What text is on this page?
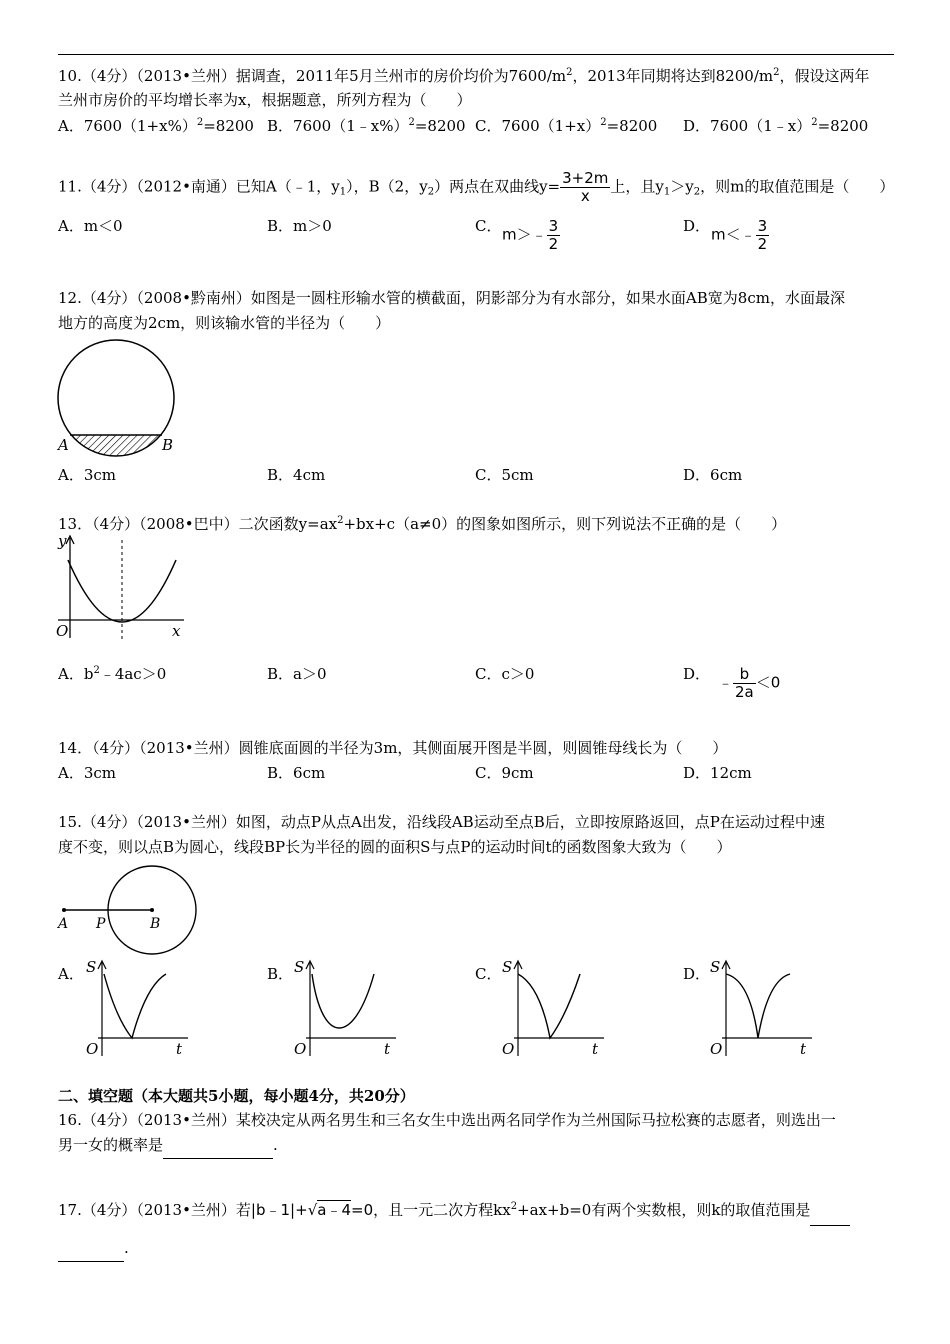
10.（4分）（2013•兰州）据调查，2011年5月兰州市的房价均价为$7600/m^2$，2013年同期将达到$8200/m^2$，假设这两年
兰州市房价的平均增长率为x，根据题意，所列方程为（　　）
A．$7600(1+x\%)^2=8200$ B．7600（1﹣x%）$^2$=8200 C．$7600(1+x)^2=8200$ D．7600（1﹣x）$^2$=8200
11.（4分）（2012•南通）已知A（﹣1，$y_1$），B（2，$y_2$）两点在双曲线$y= \frac{3+2m}{x}$ 上，且$y_1>y_2$，则m的取值范围是（　　）
A．m＜0	B．m＞0	C． m＞﹣ $\frac{3}{2}$	D． m＜﹣ $\frac{3}{2}$
12.（4分）（2008•黔南州）如图是一圆柱形输水管的横截面，阴影部分为有水部分，如果水面AB宽为8cm，水面最深
地方的高度为2cm，则该输水管的半径为（　　）
A	B
A．3cm	B．4cm	C．5cm	D．6cm
13．（4分）（2008•巴中）二次函数$y=ax^2+bx+c(a\ne 0)$的图象如图所示，则下列说法不正确的是（　　）
y
x
O
A．$b^2﹣4ac>0$	B．a＞0	C．c＞0	D． ﹣ $\frac{b}{2a} <0$
14．（4分）（2013•兰州）圆锥底面圆的半径为3m，其侧面展开图是半圆，则圆锥母线长为（　　）
A．3cm	B．6cm	C．9cm	D．12cm
15.（4分）（2013•兰州）如图，动点P从点A出发，沿线段AB运动至点B后，立即按原路返回，点P在运动过程中速
度不变，则以点B为圆心，线段BP长为半径的圆的面积S与点P的运动时间t的函数图象大致为（　　）
A P	B
A．	B．	C．	D．
S
t
O
S
t
O
S
t
O
S
t
O
二、填空题（本大题共5小题，每小题4分，共20分）
16.（4分）（2013•兰州）某校决定从两名男生和三名女生中选出两名同学作为兰州国际马拉松赛的志愿者，则选出一
男一女的概率是	.
17.（4分）（2013•兰州）若|b﹣1|+√a﹣4=0，且一元二次方程$kx^2+ax+b=0$有两个实数根，则k的取值范围是
.
